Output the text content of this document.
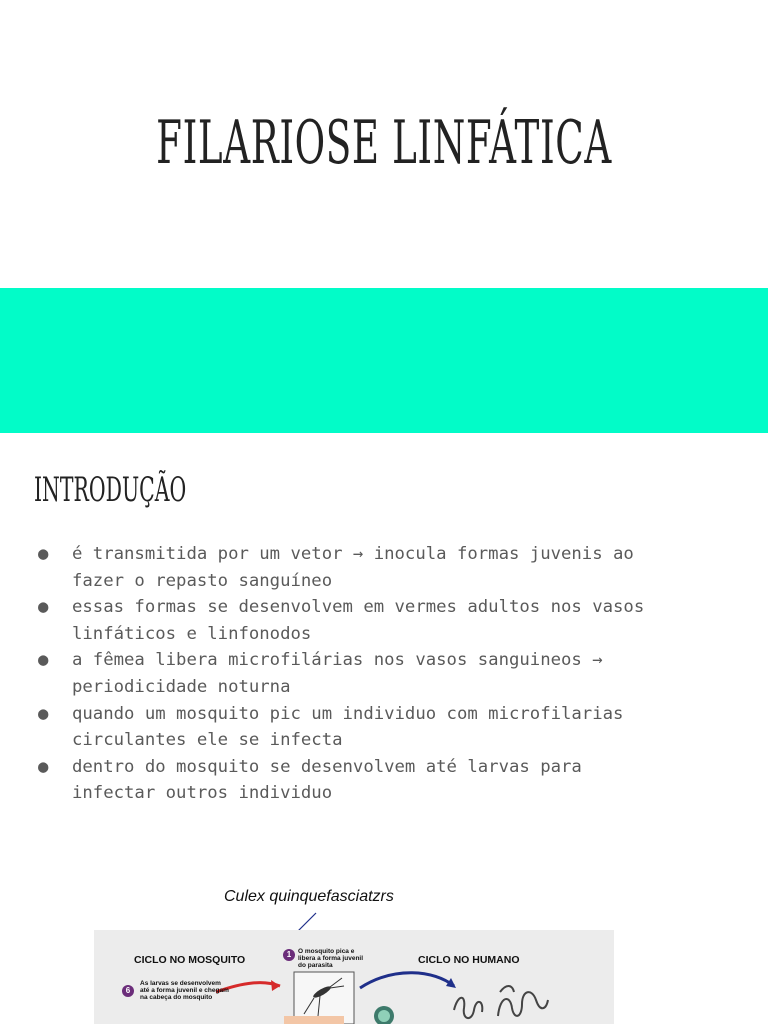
FILARIOSE LINFÁTICA
INTRODUÇÃO
● é transmitida por um vetor → inocula formas juvenis ao
fazer o repasto sanguíneo
● essas formas se desenvolvem em vermes adultos nos vasos
linfáticos e linfonodos
● a fêmea libera microfilárias nos vasos sanguineos →
periodicidade noturna
● quando um mosquito pic um individuo com microfilarias
circulantes ele se infecta
● dentro do mosquito se desenvolvem até larvas para
infectar outros individuo
Culex quinquefasciatzrs
CICLO NO MOSQUITO	CICLO NO HUMANO
1	O mosquito pica e
libera a forma juvenil
do parasita
6
As larvas se desenvolvem
até a forma juvenil e chegam
na cabeça do mosquito
